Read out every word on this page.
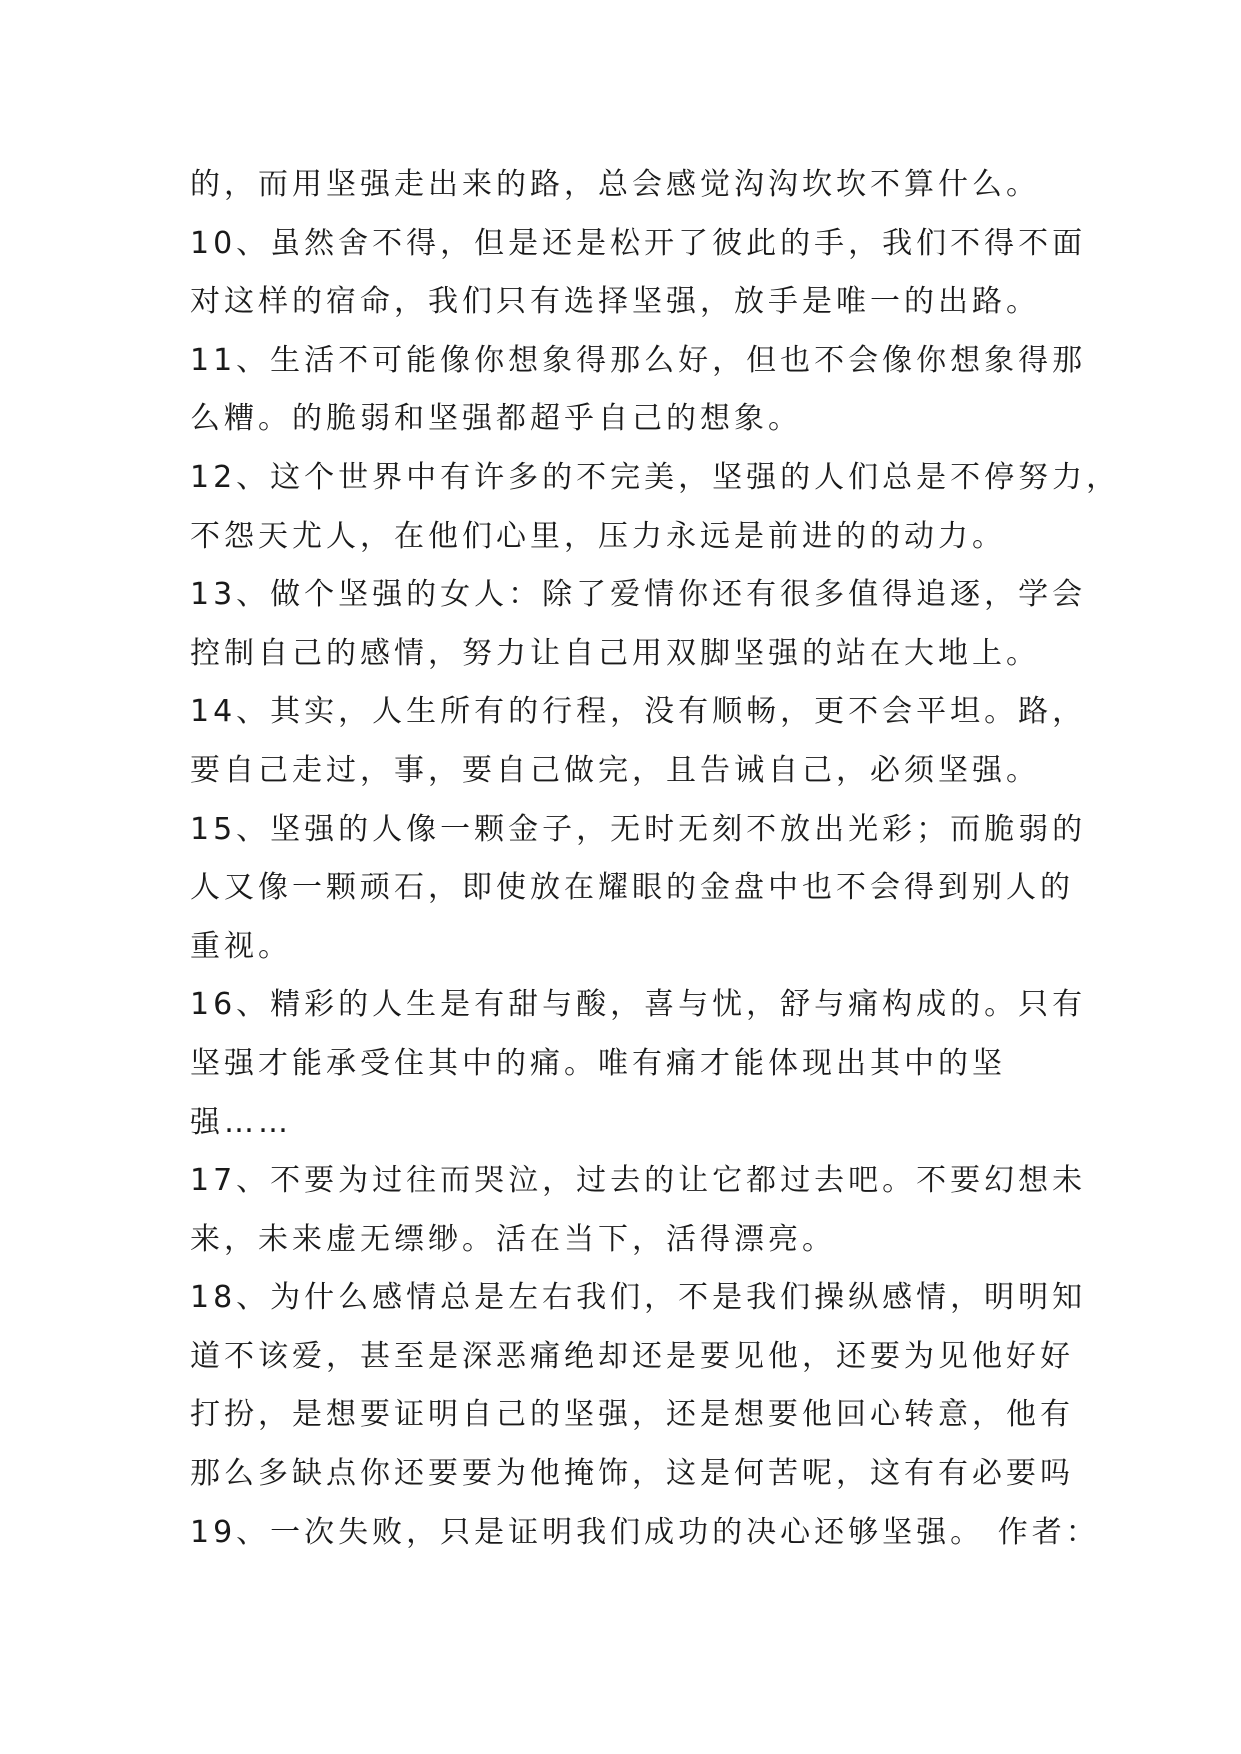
的，而用坚强走出来的路，总会感觉沟沟坎坎不算什么。
10、虽然舍不得，但是还是松开了彼此的手，我们不得不面
对这样的宿命，我们只有选择坚强，放手是唯一的出路。
11、生活不可能像你想象得那么好，但也不会像你想象得那
么糟。的脆弱和坚强都超乎自己的想象。
12、这个世界中有许多的不完美，坚强的人们总是不停努力，
不怨天尤人，在他们心里，压力永远是前进的的动力。
13、做个坚强的女人：除了爱情你还有很多值得追逐，学会
控制自己的感情，努力让自己用双脚坚强的站在大地上。
14、其实，人生所有的行程，没有顺畅，更不会平坦。路，
要自己走过，事，要自己做完，且告诫自己，必须坚强。
15、坚强的人像一颗金子，无时无刻不放出光彩；而脆弱的
人又像一颗顽石，即使放在耀眼的金盘中也不会得到别人的
重视。
16、精彩的人生是有甜与酸，喜与忧，舒与痛构成的。只有
坚强才能承受住其中的痛。唯有痛才能体现出其中的坚
强……
17、不要为过往而哭泣，过去的让它都过去吧。不要幻想未
来，未来虚无缥缈。活在当下，活得漂亮。
18、为什么感情总是左右我们，不是我们操纵感情，明明知
道不该爱，甚至是深恶痛绝却还是要见他，还要为见他好好
打扮，是想要证明自己的坚强，还是想要他回心转意，他有
那么多缺点你还要要为他掩饰，这是何苦呢，这有有必要吗
19、一次失败，只是证明我们成功的决心还够坚强。 作者：
